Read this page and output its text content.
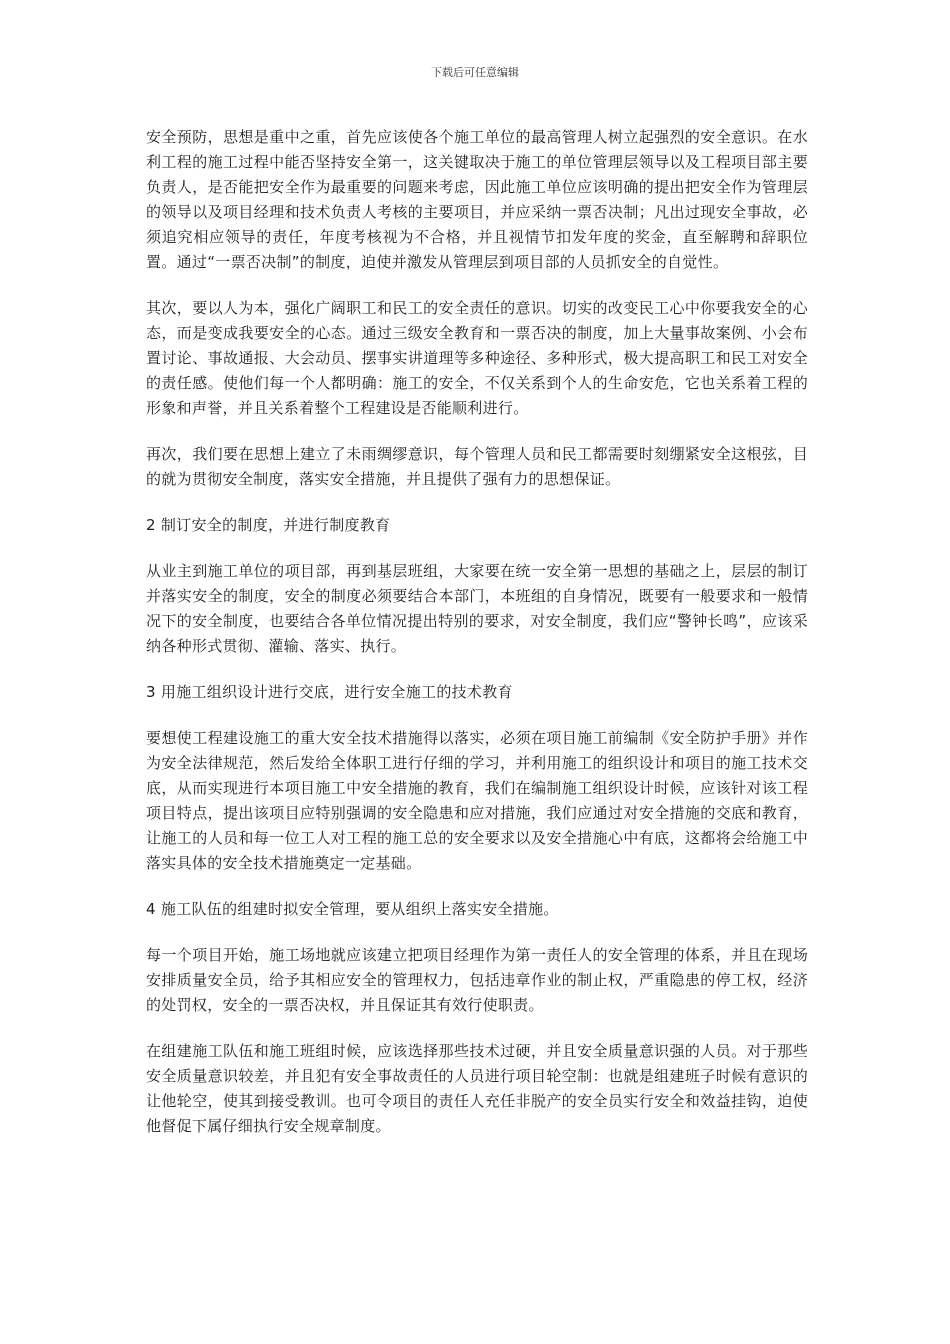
下载后可任意编辑

安全预防，思想是重中之重，首先应该使各个施工单位的最高管理人树立起强烈的安全意识。在水利工程的施工过程中能否坚持安全第一，这关键取决于施工的单位管理层领导以及工程项目部主要负责人，是否能把安全作为最重要的问题来考虑，因此施工单位应该明确的提出把安全作为管理层的领导以及项目经理和技术负责人考核的主要项目，并应采纳一票否决制；凡出过现安全事故，必须追究相应领导的责任，年度考核视为不合格，并且视情节扣发年度的奖金，直至解聘和辞职位置。通过“一票否决制”的制度，迫使并激发从管理层到项目部的人员抓安全的自觉性。

其次，要以人为本，强化广阔职工和民工的安全责任的意识。切实的改变民工心中你要我安全的心态，而是变成我要安全的心态。通过三级安全教育和一票否决的制度，加上大量事故案例、小会布置讨论、事故通报、大会动员、摆事实讲道理等多种途径、多种形式，极大提高职工和民工对安全的责任感。使他们每一个人都明确：施工的安全，不仅关系到个人的生命安危，它也关系着工程的形象和声誉，并且关系着整个工程建设是否能顺利进行。

再次，我们要在思想上建立了未雨绸缪意识，每个管理人员和民工都需要时刻绷紧安全这根弦，目的就为贯彻安全制度，落实安全措施，并且提供了强有力的思想保证。

2 制订安全的制度，并进行制度教育

从业主到施工单位的项目部，再到基层班组，大家要在统一安全第一思想的基础之上，层层的制订并落实安全的制度，安全的制度必须要结合本部门，本班组的自身情况，既要有一般要求和一般情况下的安全制度，也要结合各单位情况提出特别的要求，对安全制度，我们应“警钟长鸣”，应该采纳各种形式贯彻、灌输、落实、执行。

3 用施工组织设计进行交底，进行安全施工的技术教育

要想使工程建设施工的重大安全技术措施得以落实，必须在项目施工前编制《安全防护手册》并作为安全法律规范，然后发给全体职工进行仔细的学习，并利用施工的组织设计和项目的施工技术交底，从而实现进行本项目施工中安全措施的教育，我们在编制施工组织设计时候，应该针对该工程项目特点，提出该项目应特别强调的安全隐患和应对措施，我们应通过对安全措施的交底和教育，让施工的人员和每一位工人对工程的施工总的安全要求以及安全措施心中有底，这都将会给施工中落实具体的安全技术措施奠定一定基础。

4 施工队伍的组建时拟安全管理，要从组织上落实安全措施。

每一个项目开始，施工场地就应该建立把项目经理作为第一责任人的安全管理的体系，并且在现场安排质量安全员，给予其相应安全的管理权力，包括违章作业的制止权，严重隐患的停工权，经济的处罚权，安全的一票否决权，并且保证其有效行使职责。

在组建施工队伍和施工班组时候，应该选择那些技术过硬，并且安全质量意识强的人员。对于那些安全质量意识较差，并且犯有安全事故责任的人员进行项目轮空制：也就是组建班子时候有意识的让他轮空，使其到接受教训。也可令项目的责任人充任非脱产的安全员实行安全和效益挂钩，迫使他督促下属仔细执行安全规章制度。
